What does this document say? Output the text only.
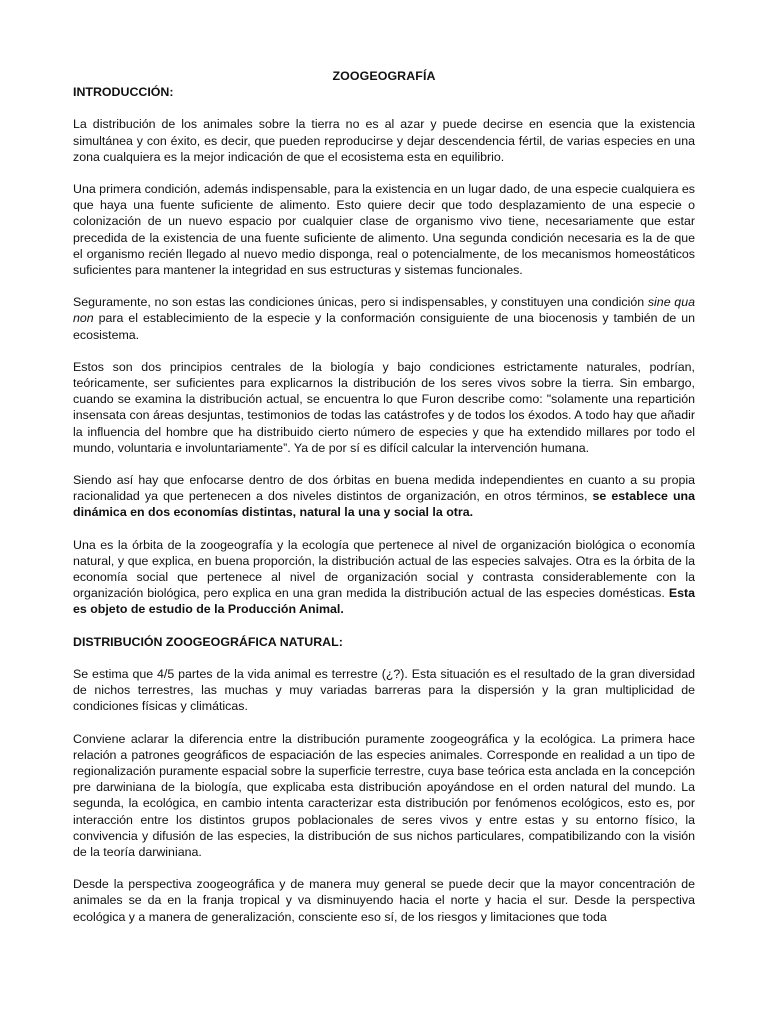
ZOOGEOGRAFÍA

INTRODUCCIÓN:

La distribución de los animales sobre la tierra no es al azar y puede decirse en esencia que la existencia simultánea y con éxito, es decir, que pueden reproducirse y dejar descendencia fértil, de varias especies en una zona cualquiera es la mejor indicación de que el ecosistema esta en equilibrio.

Una primera condición, además indispensable, para la existencia en un lugar dado, de una especie cualquiera es que haya una fuente suficiente de alimento. Esto quiere decir que todo desplazamiento de una especie o colonización de un nuevo espacio por cualquier clase de organismo vivo tiene, necesariamente que estar precedida de la existencia de una fuente suficiente de alimento. Una segunda condición necesaria es la de que el organismo recién llegado al nuevo medio disponga, real o potencialmente, de los mecanismos homeostáticos suficientes para mantener la integridad en sus estructuras y sistemas funcionales.

Seguramente, no son estas las condiciones únicas, pero si indispensables, y constituyen una condición sine qua non para el establecimiento de la especie y la conformación consiguiente de una biocenosis y también de un ecosistema.

Estos son dos principios centrales de la biología y bajo condiciones estrictamente naturales, podrían, teóricamente, ser suficientes para explicarnos la distribución de los seres vivos sobre la tierra. Sin embargo, cuando se examina la distribución actual, se encuentra lo que Furon describe como: "solamente una repartición insensata con áreas desjuntas, testimonios de todas las catástrofes y de todos los éxodos. A todo hay que añadir la influencia del hombre que ha distribuido cierto número de especies y que ha extendido millares por todo el mundo, voluntaria e involuntariamente”. Ya de por sí es difícil calcular la intervención humana.

Siendo así hay que enfocarse dentro de dos órbitas en buena medida independientes en cuanto a su propia racionalidad ya que pertenecen a dos niveles distintos de organización, en otros términos, se establece una dinámica en dos economías distintas, natural la una y social la otra.

Una es la órbita de la zoogeografía y la ecología que pertenece al nivel de organización biológica o economía natural, y que explica, en buena proporción, la distribución actual de las especies salvajes. Otra es la órbita de la economía social que pertenece al nivel de organización social y contrasta considerablemente con la organización biológica, pero explica en una gran medida la distribución actual de las especies domésticas. Esta es objeto de estudio de la Producción Animal.

DISTRIBUCIÓN ZOOGEOGRÁFICA NATURAL:

Se estima que 4/5 partes de la vida animal es terrestre (¿?). Esta situación es el resultado de la gran diversidad de nichos terrestres, las muchas y muy variadas barreras para la dispersión y la gran multiplicidad de condiciones físicas y climáticas.

Conviene aclarar la diferencia entre la distribución puramente zoogeográfica y la ecológica. La primera hace relación a patrones geográficos de espaciación de las especies animales. Corresponde en realidad a un tipo de regionalización puramente espacial sobre la superficie terrestre, cuya base teórica esta anclada en la concepción pre darwiniana de la biología, que explicaba esta distribución apoyándose en el orden natural del mundo. La segunda, la ecológica, en cambio intenta caracterizar esta distribución por fenómenos ecológicos, esto es, por interacción entre los distintos grupos poblacionales de seres vivos y entre estas y su entorno físico, la convivencia y difusión de las especies, la distribución de sus nichos particulares, compatibilizando con la visión de la teoría darwiniana.

Desde la perspectiva zoogeográfica y de manera muy general se puede decir que la mayor concentración de animales se da en la franja tropical y va disminuyendo hacia el norte y hacia el sur. Desde la perspectiva ecológica y a manera de generalización, consciente eso sí, de los riesgos y limitaciones que toda
